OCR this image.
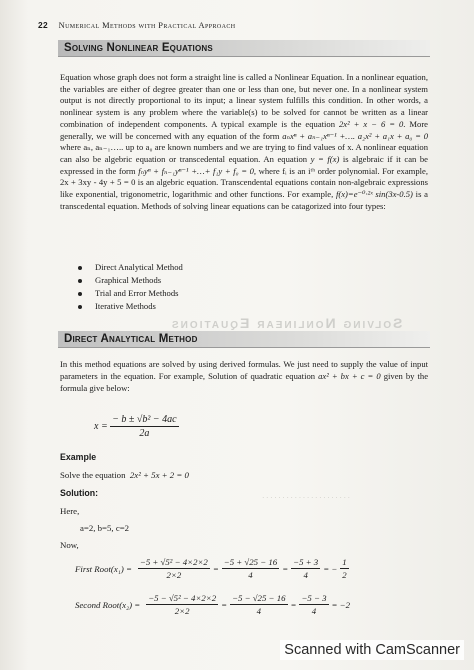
22 Numerical Methods with Practical Approach
Solving Nonlinear Equations
Equation whose graph does not form a straight line is called a Nonlinear Equation. In a nonlinear equation, the variables are either of degree greater than one or less than one, but never one. In a nonlinear system output is not directly proportional to its input; a linear system fulfills this condition. In other words, a nonlinear system is any problem where the variable(s) to be solved for cannot be written as a linear combination of independent components. A typical example is the equation 2x² + x − 6 = 0. More generally, we will be concerned with any equation of the form aₙxⁿ + aₙ₋₁xⁿ⁻¹ +…. a₂x² + a₁x + a₀ = 0 where aₙ, aₙ₋₁….. up to a₀ are known numbers and we are trying to find values of x. A nonlinear equation can also be algebric equation or transcedental equation. An equation y = f(x) is algebraic if it can be expressed in the form fₙyⁿ + fₙ₋₁yⁿ⁻¹ +…+ f₁y + f₀ = 0, where fᵢ is an iᵗʰ order polynomial. For example, 2x + 3xy - 4y + 5 = 0 is an algebric equation. Transcendental equations contain non-algebraic expressions like exponential, trigonometric, logarithmic and other functions. For example, f(x)=e⁻⁰·²ˣ sin(3x-0.5) is a transcedental equation. Methods of solving linear equations can be catagorized into four types:
Direct Analytical Method
Graphical Methods
Trial and Error Methods
Iterative Methods
Solving Nonlinear Equations
Direct Analytical Method
In this method equations are solved by using derived formulas. We just need to supply the value of input parameters in the equation. For example, Solution of quadratic equation ax² + bx + c = 0 given by the formula give below:
$x = \frac{\text{− b ± √b² − 4ac}}{2a}$
Example
Solve the equation 2x² + 5x + 2 = 0
Solution:
Here,
a=2, b=5, c=2
Now,
· · · · · · · · · · · · · · · · · · · · · ·
First Root(x₁) = $\frac{\text{−5 + √5² − 4×2×2}}{2\times 2} = \frac{-5 + √25 - 16}{4} = \frac{-5 + 3}{4}$ = − $\frac{1}{2}$
Second Root(x₂) = $\frac{\text{−5 − √5² − 4×2×2}}{2\times 2} = \frac{-5 - √25 - 16}{4} = \frac{-5 - 3}{4} = -2$
Scanned with CamScanner
